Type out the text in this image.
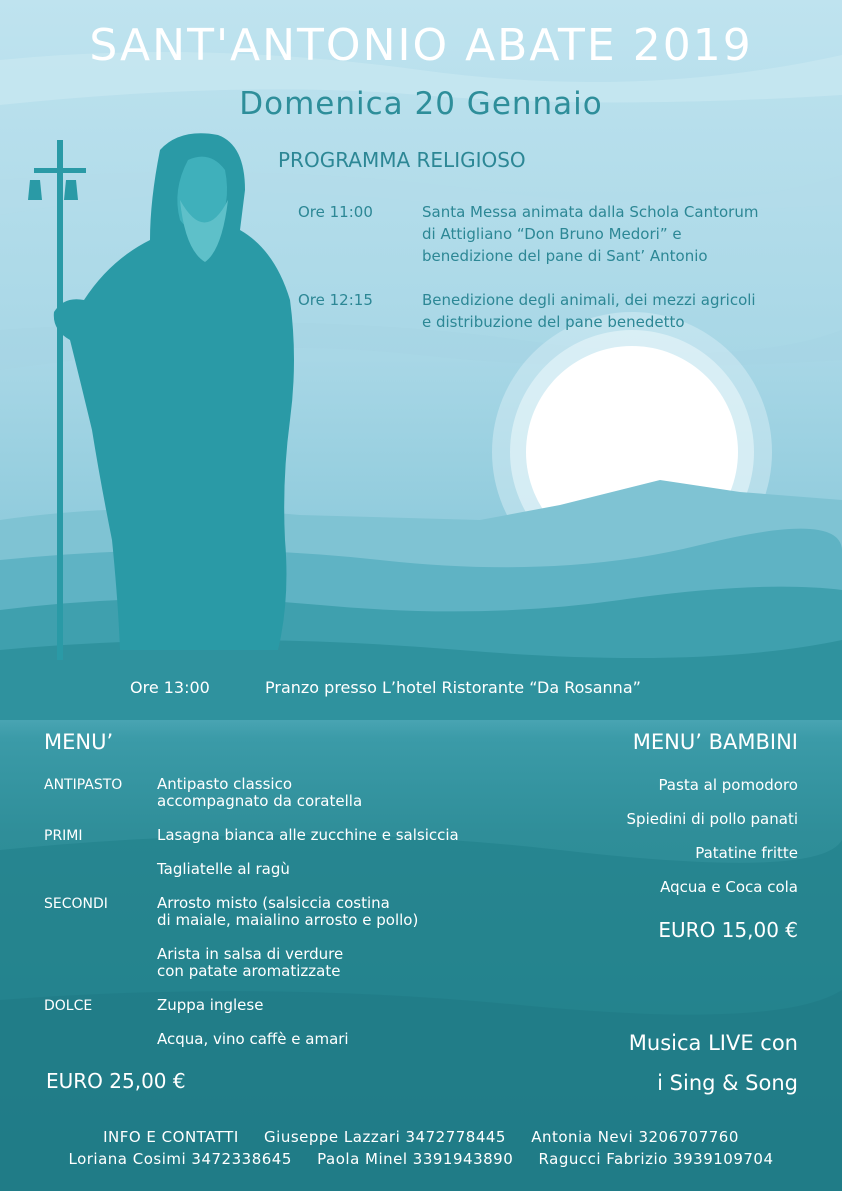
SANT'ANTONIO ABATE 2019
Domenica 20 Gennaio
PROGRAMMA RELIGIOSO
Ore 11:00	Santa Messa animata dalla Schola Cantorum
di Attigliano “Don Bruno Medori” e
benedizione del pane di Sant’ Antonio
Ore 12:15	Benedizione degli animali, dei mezzi agricoli
e distribuzione del pane benedetto
Ore 13:00	Pranzo presso L’hotel Ristorante “Da Rosanna”
MENU’
ANTIPASTO Antipasto classico
accompagnato da coratella
PRIMI	Lasagna bianca alle zucchine e salsiccia
Tagliatelle al ragù
SECONDI	Arrosto misto (salsiccia costina
di maiale, maialino arrosto e pollo)
Arista in salsa di verdure
con patate aromatizzate
DOLCE	Zuppa inglese
Acqua, vino caffè e amari
EURO 25,00 €
MENU’ BAMBINI
Pasta al pomodoro
Spiedini di pollo panati
Patatine fritte
Aqcua e Coca cola
EURO 15,00 €
Musica LIVE con
i Sing & Song
INFO E CONTATTI Giuseppe Lazzari 3472778445 Antonia Nevi 3206707760
Loriana Cosimi 3472338645 Paola Minel 3391943890 Ragucci Fabrizio 3939109704
